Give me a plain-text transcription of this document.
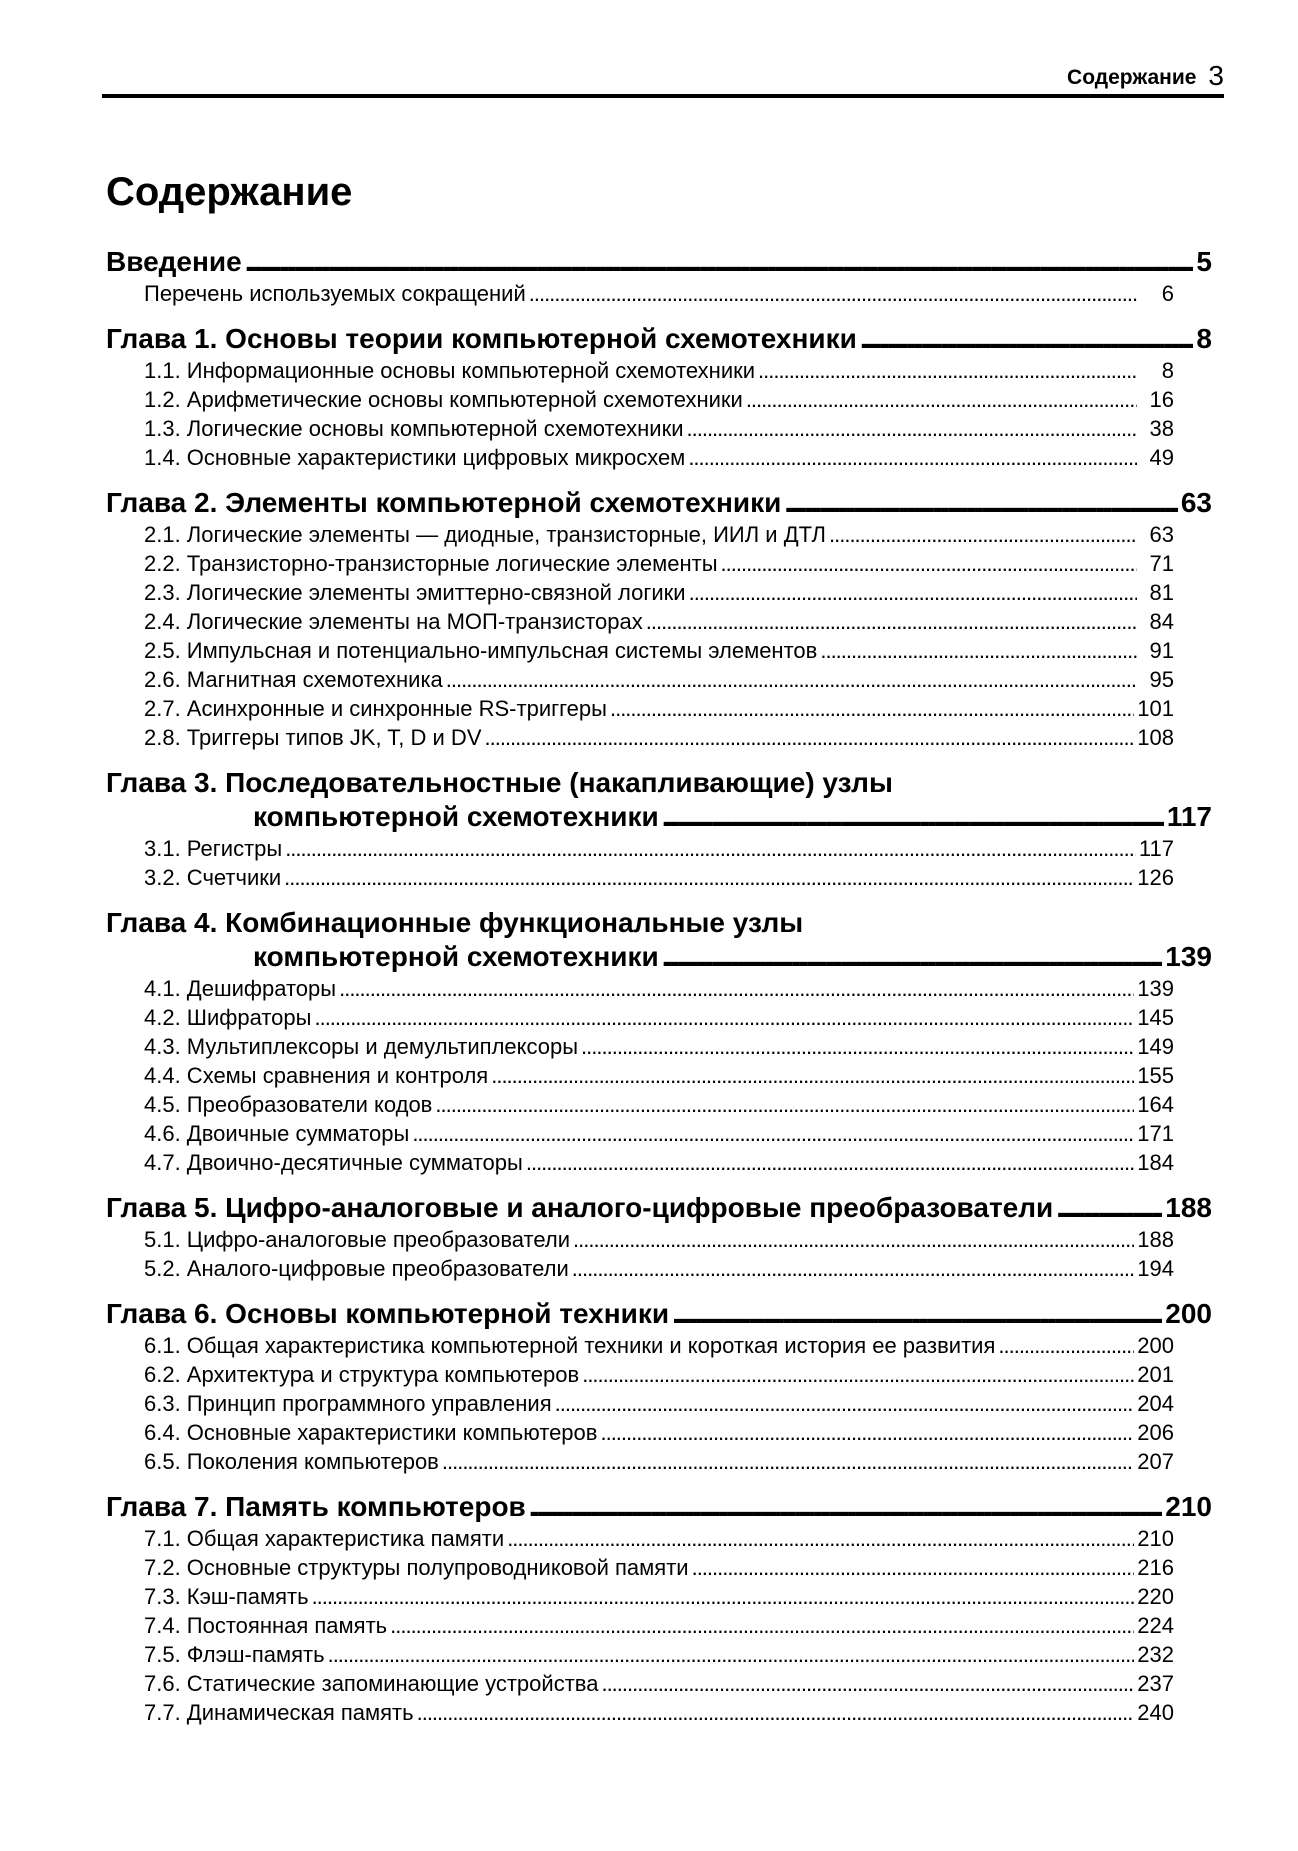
Содержание 3
Содержание
Введение .....	5
Перечень используемых сокращений .....	6
Глава 1. Основы теории компьютерной схемотехники .....	8
1.1. Информационные основы компьютерной схемотехники .....	8
1.2. Арифметические основы компьютерной схемотехники .....	16
1.3. Логические основы компьютерной схемотехники .....	38
1.4. Основные характеристики цифровых микросхем .....	49
Глава 2. Элементы компьютерной схемотехники .....	63
2.1. Логические элементы — диодные, транзисторные, ИИЛ и ДТЛ .....	63
2.2. Транзисторно-транзисторные логические элементы .....	71
2.3. Логические элементы эмиттерно-связной логики .....	81
2.4. Логические элементы на МОП-транзисторах .....	84
2.5. Импульсная и потенциально-импульсная системы элементов .....	91
2.6. Магнитная схемотехника .....	95
2.7. Асинхронные и синхронные RS-триггеры .....	101
2.8. Триггеры типов JK, T, D и DV .....	108
Глава 3. Последовательностные (накапливающие) узлы
компьютерной схемотехники .....	117
3.1. Регистры .....	117
3.2. Счетчики .....	126
Глава 4. Комбинационные функциональные узлы
компьютерной схемотехники .....	139
4.1. Дешифраторы .....	139
4.2. Шифраторы .....	145
4.3. Мультиплексоры и демультиплексоры .....	149
4.4. Схемы сравнения и контроля .....	155
4.5. Преобразователи кодов .....	164
4.6. Двоичные сумматоры .....	171
4.7. Двоично-десятичные сумматоры .....	184
Глава 5. Цифро-аналоговые и аналого-цифровые преобразователи .....	188
5.1. Цифро-аналоговые преобразователи .....	188
5.2. Аналого-цифровые преобразователи .....	194
Глава 6. Основы компьютерной техники .....	200
6.1. Общая характеристика компьютерной техники и короткая история ее развития .....	200
6.2. Архитектура и структура компьютеров .....	201
6.3. Принцип программного управления .....	204
6.4. Основные характеристики компьютеров .....	206
6.5. Поколения компьютеров .....	207
Глава 7. Память компьютеров .....	210
7.1. Общая характеристика памяти .....	210
7.2. Основные структуры полупроводниковой памяти .....	216
7.3. Кэш-память .....	220
7.4. Постоянная память .....	224
7.5. Флэш-память .....	232
7.6. Статические запоминающие устройства .....	237
7.7. Динамическая память .....	240
